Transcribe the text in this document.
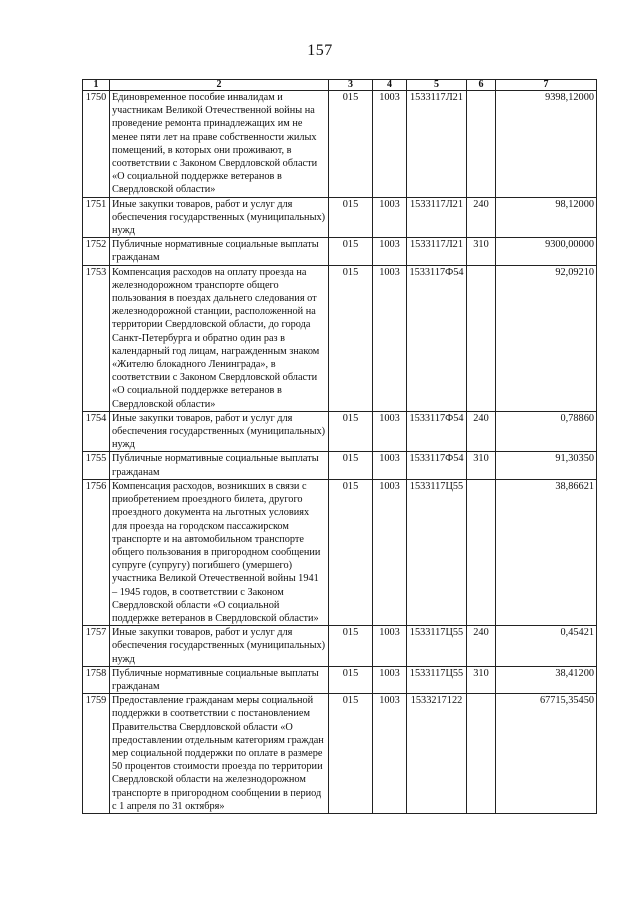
157
1	2	3	4	5	6	7
1750	Единовременное пособие инвалидам и участникам Великой Отечественной войны на проведение ремонта принадлежащих им не менее пяти лет на праве собственности жилых помещений, в которых они проживают, в соответствии с Законом Свердловской области «О социальной поддержке ветеранов в Свердловской области»	015	1003	1533117Л21		9398,12000
1751	Иные закупки товаров, работ и услуг для обеспечения государственных (муниципальных) нужд	015	1003	1533117Л21	240	98,12000
1752	Публичные нормативные социальные выплаты гражданам	015	1003	1533117Л21	310	9300,00000
1753	Компенсация расходов на оплату проезда на железнодорожном транспорте общего пользования в поездах дальнего следования от железнодорожной станции, расположенной на территории Свердловской области, до города Санкт-Петербурга и обратно один раз в календарный год лицам, награжденным знаком «Жителю блокадного Ленинграда», в соответствии с Законом Свердловской области «О социальной поддержке ветеранов в Свердловской области»	015	1003	1533117Ф54		92,09210
1754	Иные закупки товаров, работ и услуг для обеспечения государственных (муниципальных) нужд	015	1003	1533117Ф54	240	0,78860
1755	Публичные нормативные социальные выплаты гражданам	015	1003	1533117Ф54	310	91,30350
1756	Компенсация расходов, возникших в связи с приобретением проездного билета, другого проездного документа на льготных условиях для проезда на городском пассажирском транспорте и на автомобильном транспорте общего пользования в пригородном сообщении супруге (супругу) погибшего (умершего) участника Великой Отечественной войны 1941 – 1945 годов, в соответствии с Законом Свердловской области «О социальной поддержке ветеранов в Свердловской области»	015	1003	1533117Ц55		38,86621
1757	Иные закупки товаров, работ и услуг для обеспечения государственных (муниципальных) нужд	015	1003	1533117Ц55	240	0,45421
1758	Публичные нормативные социальные выплаты гражданам	015	1003	1533117Ц55	310	38,41200
1759	Предоставление гражданам меры социальной поддержки в соответствии с постановлением Правительства Свердловской области «О предоставлении отдельным категориям граждан мер социальной поддержки по оплате в размере 50 процентов стоимости проезда по территории Свердловской области на железнодорожном транспорте в пригородном сообщении в период с 1 апреля по 31 октября»	015	1003	1533217122		67715,35450
